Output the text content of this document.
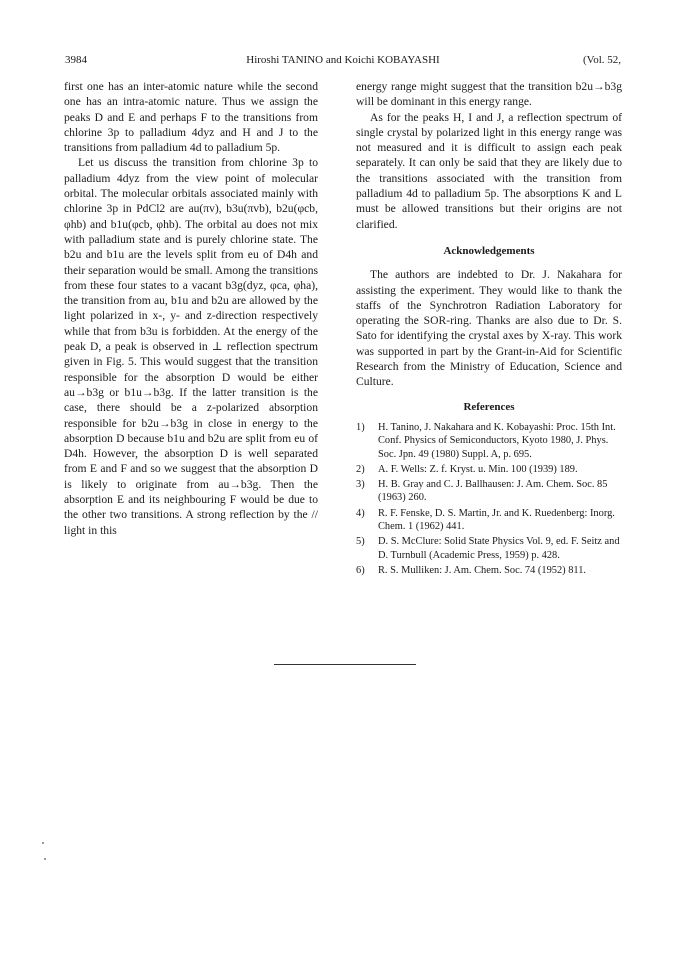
3984	Hiroshi TANINO and Koichi KOBAYASHI	(Vol. 52,

first one has an inter-atomic nature while the second one has an intra-atomic nature. Thus we assign the peaks D and E and perhaps F to the transitions from chlorine 3p to palladium 4dyz and H and J to the transitions from palladium 4d to palladium 5p.

Let us discuss the transition from chlorine 3p to palladium 4dyz from the view point of molecular orbital. The molecular orbitals associated mainly with chlorine 3p in PdCl2 are au(πv), b3u(πvb), b2u(φcb, φhb) and b1u(φcb, φhb). The orbital au does not mix with palladium state and is purely chlorine state. The b2u and b1u are the levels split from eu of D4h and their separation would be small. Among the transitions from these four states to a vacant b3g(dyz, φca, φha), the transition from au, b1u and b2u are allowed by the light polarized in x-, y- and z-direction respectively while that from b3u is forbidden. At the energy of the peak D, a peak is observed in ⊥ reflection spectrum given in Fig. 5. This would suggest that the transition responsible for the absorption D would be either au→b3g or b1u→b3g. If the latter transition is the case, there should be a z-polarized absorption responsible for b2u→b3g in close in energy to the absorption D because b1u and b2u are split from eu of D4h. However, the absorption D is well separated from E and F and so we suggest that the absorption D is likely to originate from au→b3g. Then the absorption E and its neighbouring F would be due to the other two transitions. A strong reflection by the // light in this

energy range might suggest that the transition b2u→b3g will be dominant in this energy range.

As for the peaks H, I and J, a reflection spectrum of single crystal by polarized light in this energy range was not measured and it is difficult to assign each peak separately. It can only be said that they are likely due to the transitions associated with the transition from palladium 4d to palladium 5p. The absorptions K and L must be allowed transitions but their origins are not clarified.

Acknowledgements

The authors are indebted to Dr. J. Nakahara for assisting the experiment. They would like to thank the staffs of the Synchrotron Radiation Laboratory for operating the SOR-ring. Thanks are also due to Dr. S. Sato for identifying the crystal axes by X-ray. This work was supported in part by the Grant-in-Aid for Scientific Research from the Ministry of Education, Science and Culture.

References
1) H. Tanino, J. Nakahara and K. Kobayashi: Proc. 15th Int. Conf. Physics of Semiconductors, Kyoto 1980, J. Phys. Soc. Jpn. 49 (1980) Suppl. A, p. 695.
2) A. F. Wells: Z. f. Kryst. u. Min. 100 (1939) 189.
3) H. B. Gray and C. J. Ballhausen: J. Am. Chem. Soc. 85 (1963) 260.
4) R. F. Fenske, D. S. Martin, Jr. and K. Ruedenberg: Inorg. Chem. 1 (1962) 441.
5) D. S. McClure: Solid State Physics Vol. 9, ed. F. Seitz and D. Turnbull (Academic Press, 1959) p. 428.
6) R. S. Mulliken: J. Am. Chem. Soc. 74 (1952) 811.
